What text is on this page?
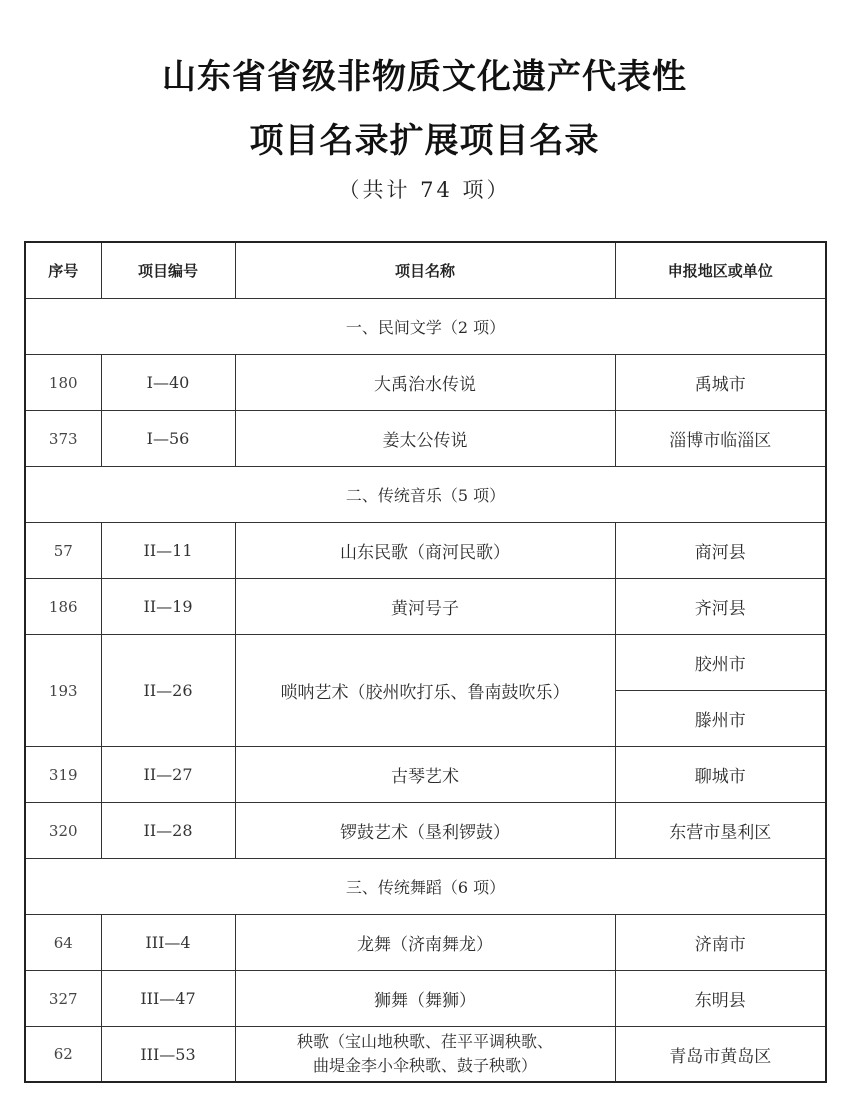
山东省省级非物质文化遗产代表性
项目名录扩展项目名录
（共计 74 项）
序号	项目编号	项目名称	申报地区或单位
一、民间文学（2 项）			
180	I—40	大禹治水传说	禹城市
373	I—56	姜太公传说	淄博市临淄区
二、传统音乐（5 项）			
57	II—11	山东民歌（商河民歌）	商河县
186	II—19	黄河号子	齐河县
193	II—26	唢呐艺术（胶州吹打乐、鲁南鼓吹乐）	胶州市
			滕州市
319	II—27	古琴艺术	聊城市
320	II—28	锣鼓艺术（垦利锣鼓）	东营市垦利区
三、传统舞蹈（6 项）			
64	III—4	龙舞（济南舞龙）	济南市
327	III—47	狮舞（舞狮）	东明县
62	III—53	秧歌（宝山地秧歌、荏平平调秧歌、
曲堤金李小伞秧歌、鼓子秧歌）	青岛市黄岛区
